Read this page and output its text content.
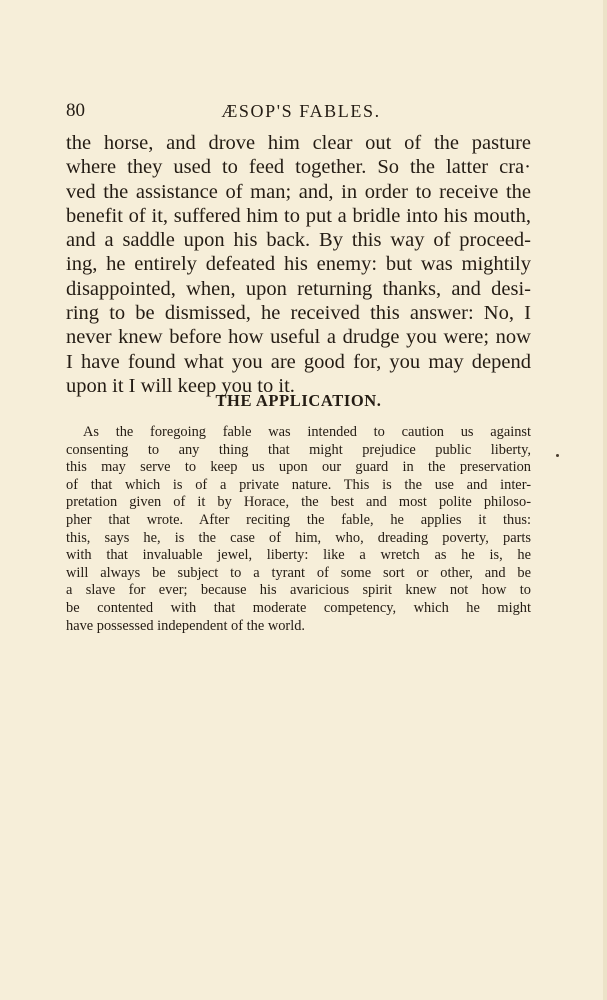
80	ÆSOP'S FABLES.
the horse, and drove him clear out of the pasture
where they used to feed together. So the latter cra·
ved the assistance of man; and, in order to receive the
benefit of it, suffered him to put a bridle into his mouth,
and a saddle upon his back. By this way of proceed-
ing, he entirely defeated his enemy: but was mightily
disappointed, when, upon returning thanks, and desi-
ring to be dismissed, he received this answer: No, I
never knew before how useful a drudge you were; now
I have found what you are good for, you may depend
upon it I will keep you to it.
THE APPLICATION.
As the foregoing fable was intended to caution us against
consenting to any thing that might prejudice public liberty,
this may serve to keep us upon our guard in the preservation
of that which is of a private nature. This is the use and inter-
pretation given of it by Horace, the best and most polite philoso-
pher that wrote. After reciting the fable, he applies it thus:
this, says he, is the case of him, who, dreading poverty, parts
with that invaluable jewel, liberty: like a wretch as he is, he
will always be subject to a tyrant of some sort or other, and be
a slave for ever; because his avaricious spirit knew not how to
be contented with that moderate competency, which he might
have possessed independent of the world.
